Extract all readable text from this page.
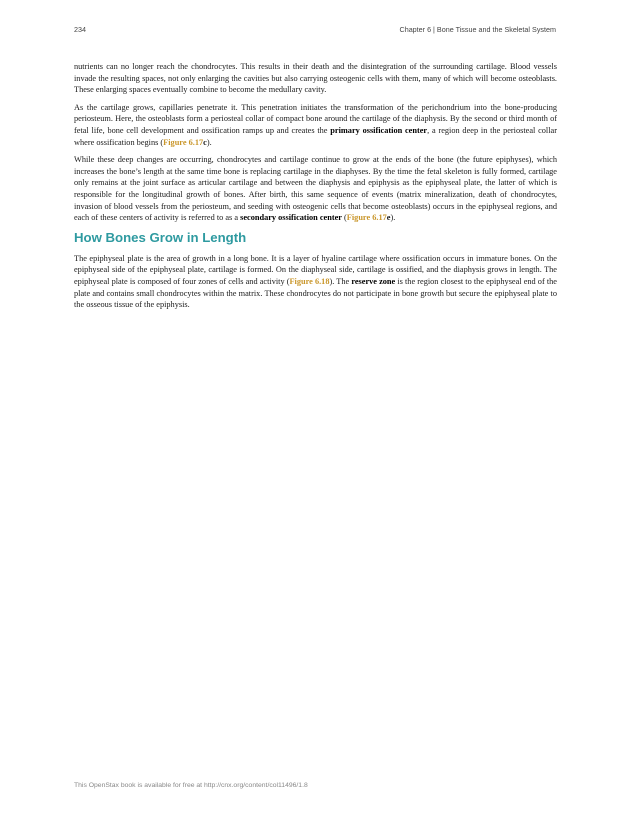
234	Chapter 6 | Bone Tissue and the Skeletal System

nutrients can no longer reach the chondrocytes. This results in their death and the disintegration of the surrounding cartilage. Blood vessels invade the resulting spaces, not only enlarging the cavities but also carrying osteogenic cells with them, many of which will become osteoblasts. These enlarging spaces eventually combine to become the medullary cavity.

As the cartilage grows, capillaries penetrate it. This penetration initiates the transformation of the perichondrium into the bone-producing periosteum. Here, the osteoblasts form a periosteal collar of compact bone around the cartilage of the diaphysis. By the second or third month of fetal life, bone cell development and ossification ramps up and creates the primary ossification center, a region deep in the periosteal collar where ossification begins (Figure 6.17c).

While these deep changes are occurring, chondrocytes and cartilage continue to grow at the ends of the bone (the future epiphyses), which increases the bone’s length at the same time bone is replacing cartilage in the diaphyses. By the time the fetal skeleton is fully formed, cartilage only remains at the joint surface as articular cartilage and between the diaphysis and epiphysis as the epiphyseal plate, the latter of which is responsible for the longitudinal growth of bones. After birth, this same sequence of events (matrix mineralization, death of chondrocytes, invasion of blood vessels from the periosteum, and seeding with osteogenic cells that become osteoblasts) occurs in the epiphyseal regions, and each of these centers of activity is referred to as a secondary ossification center (Figure 6.17e).

How Bones Grow in Length

The epiphyseal plate is the area of growth in a long bone. It is a layer of hyaline cartilage where ossification occurs in immature bones. On the epiphyseal side of the epiphyseal plate, cartilage is formed. On the diaphyseal side, cartilage is ossified, and the diaphysis grows in length. The epiphyseal plate is composed of four zones of cells and activity (Figure 6.18). The reserve zone is the region closest to the epiphyseal end of the plate and contains small chondrocytes within the matrix. These chondrocytes do not participate in bone growth but secure the epiphyseal plate to the osseous tissue of the epiphysis.

This OpenStax book is available for free at http://cnx.org/content/col11496/1.8
